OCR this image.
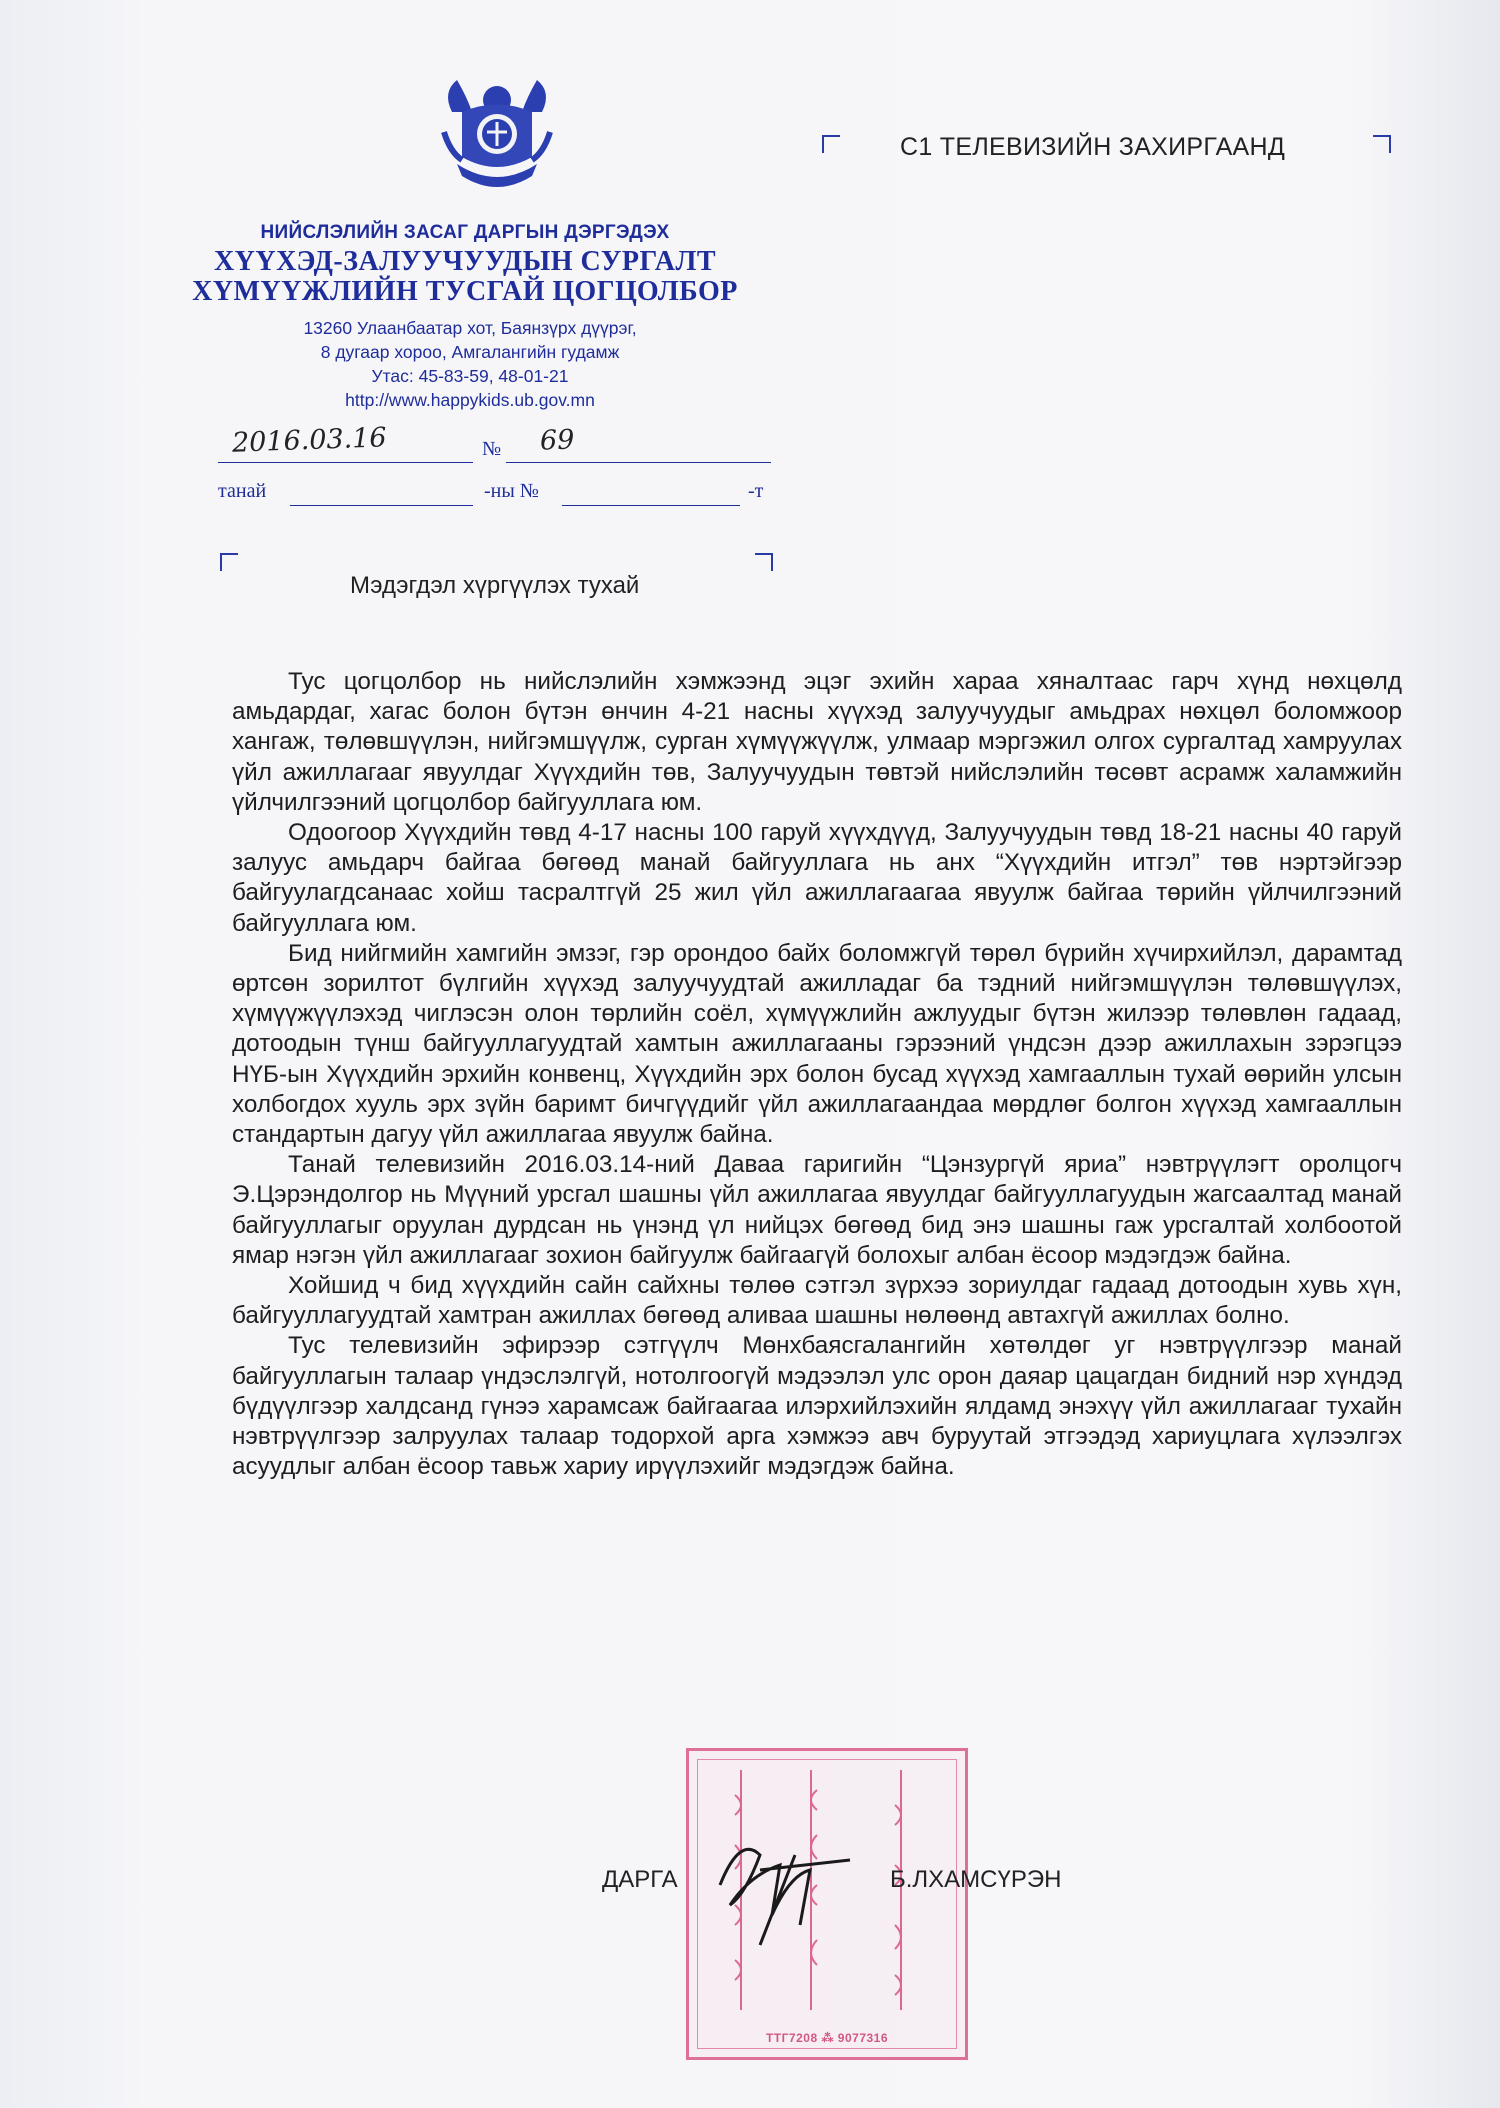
НИЙСЛЭЛИЙН ЗАСАГ ДАРГЫН ДЭРГЭДЭХ
ХҮҮХЭД-ЗАЛУУЧУУДЫН СУРГАЛТ
ХҮМҮҮЖЛИЙН ТУСГАЙ ЦОГЦОЛБОР
13260 Улаанбаатар хот, Баянзүрх дүүрэг,
8 дугаар хороо, Амгалангийн гудамж
Утас: 45-83-59, 48-01-21
http://www.happykids.ub.gov.mn
С1 ТЕЛЕВИЗИЙН ЗАХИРГААНД
2016.03.16	№ 69
танай	-ны №	-т
Мэдэгдэл хүргүүлэх тухай

Тус цогцолбор нь нийслэлийн хэмжээнд эцэг эхийн хараа хяналтаас гарч хүнд нөхцөлд амьдардаг, хагас болон бүтэн өнчин 4-21 насны хүүхэд залуучуудыг амьдрах нөхцөл боломжоор хангаж, төлөвшүүлэн, нийгэмшүүлж, сурган хүмүүжүүлж, улмаар мэргэжил олгох сургалтад хамруулах үйл ажиллагааг явуулдаг Хүүхдийн төв, Залуучуудын төвтэй нийслэлийн төсөвт асрамж халамжийн үйлчилгээний цогцолбор байгууллага юм.

Одоогоор Хүүхдийн төвд 4-17 насны 100 гаруй хүүхдүүд, Залуучуудын төвд 18-21 насны 40 гаруй залуус амьдарч байгаа бөгөөд манай байгууллага нь анх “Хүүхдийн итгэл” төв нэртэйгээр байгуулагдсанаас хойш тасралтгүй 25 жил үйл ажиллагаагаа явуулж байгаа төрийн үйлчилгээний байгууллага юм.

Бид нийгмийн хамгийн эмзэг, гэр орондоо байх боломжгүй төрөл бүрийн хүчирхийлэл, дарамтад өртсөн зорилтот бүлгийн хүүхэд залуучуудтай ажилладаг ба тэдний нийгэмшүүлэн төлөвшүүлэх, хүмүүжүүлэхэд чиглэсэн олон төрлийн соёл, хүмүүжлийн ажлуудыг бүтэн жилээр төлөвлөн гадаад, дотоодын түнш байгууллагуудтай хамтын ажиллагааны гэрээний үндсэн дээр ажиллахын зэрэгцээ НҮБ-ын Хүүхдийн эрхийн конвенц, Хүүхдийн эрх болон бусад хүүхэд хамгааллын тухай өөрийн улсын холбогдох хууль эрх зүйн баримт бичгүүдийг үйл ажиллагаандаа мөрдлөг болгон хүүхэд хамгааллын стандартын дагуу үйл ажиллагаа явуулж байна.

Танай телевизийн 2016.03.14-ний Даваа гаригийн “Цэнзургүй яриа” нэвтрүүлэгт оролцогч Э.Цэрэндолгор нь Мүүний урсгал шашны үйл ажиллагаа явуулдаг байгууллагуудын жагсаалтад манай байгууллагыг оруулан дурдсан нь үнэнд үл нийцэх бөгөөд бид энэ шашны гаж урсгалтай холбоотой ямар нэгэн үйл ажиллагааг зохион байгуулж байгаагүй болохыг албан ёсоор мэдэгдэж байна.

Хойшид ч бид хүүхдийн сайн сайхны төлөө сэтгэл зүрхээ зориулдаг гадаад дотоодын хувь хүн, байгууллагуудтай хамтран ажиллах бөгөөд аливаа шашны нөлөөнд автахгүй ажиллах болно.

Тус телевизийн эфирээр сэтгүүлч Мөнхбаясгалангийн хөтөлдөг уг нэвтрүүлгээр манай байгууллагын талаар үндэслэлгүй, нотолгоогүй мэдээлэл улс орон даяар цацагдан бидний нэр хүндэд бүдүүлгээр халдсанд гүнээ харамсаж байгаагаа илэрхийлэхийн ялдамд энэхүү үйл ажиллагааг тухайн нэвтрүүлгээр залруулах талаар тодорхой арга хэмжээ авч буруутай этгээдэд хариуцлага хүлээлгэх асуудлыг албан ёсоор тавьж хариу ирүүлэхийг мэдэгдэж байна.

ТТГ7208 ⁂ 9077316
ДАРГА	Б.ЛХАМСҮРЭН
